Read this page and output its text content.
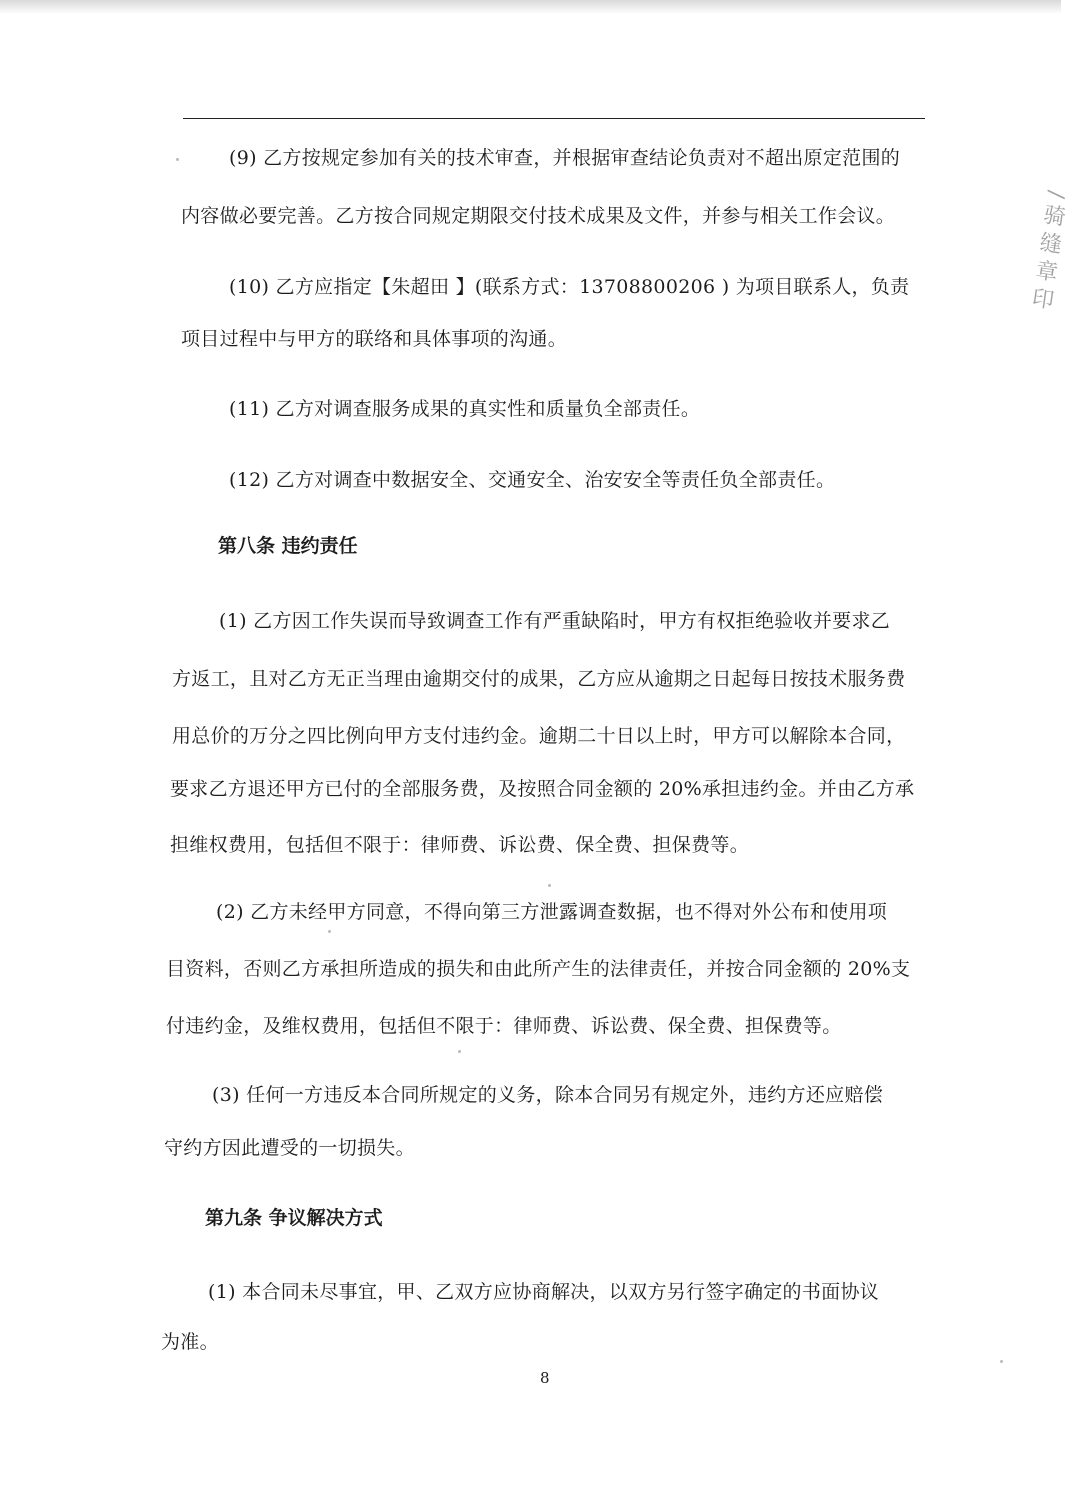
(9) 乙方按规定参加有关的技术审查，并根据审查结论负责对不超出原定范围的
内容做必要完善。乙方按合同规定期限交付技术成果及文件，并参与相关工作会议。
(10) 乙方应指定【朱超田 】(联系方式：13708800206 ) 为项目联系人，负责
项目过程中与甲方的联络和具体事项的沟通。
(11) 乙方对调查服务成果的真实性和质量负全部责任。
(12) 乙方对调查中数据安全、交通安全、治安安全等责任负全部责任。
第八条 违约责任
(1) 乙方因工作失误而导致调查工作有严重缺陷时，甲方有权拒绝验收并要求乙
方返工，且对乙方无正当理由逾期交付的成果，乙方应从逾期之日起每日按技术服务费
用总价的万分之四比例向甲方支付违约金。逾期二十日以上时，甲方可以解除本合同，
要求乙方退还甲方已付的全部服务费，及按照合同金额的 20%承担违约金。并由乙方承
担维权费用，包括但不限于：律师费、诉讼费、保全费、担保费等。
(2) 乙方未经甲方同意，不得向第三方泄露调查数据，也不得对外公布和使用项
目资料，否则乙方承担所造成的损失和由此所产生的法律责任，并按合同金额的 20%支
付违约金，及维权费用，包括但不限于：律师费、诉讼费、保全费、担保费等。
(3) 任何一方违反本合同所规定的义务，除本合同另有规定外，违约方还应赔偿
守约方因此遭受的一切损失。
第九条 争议解决方式
(1) 本合同未尽事宜，甲、乙双方应协商解决，以双方另行签字确定的书面协议
为准。
8
/骑缝章印
